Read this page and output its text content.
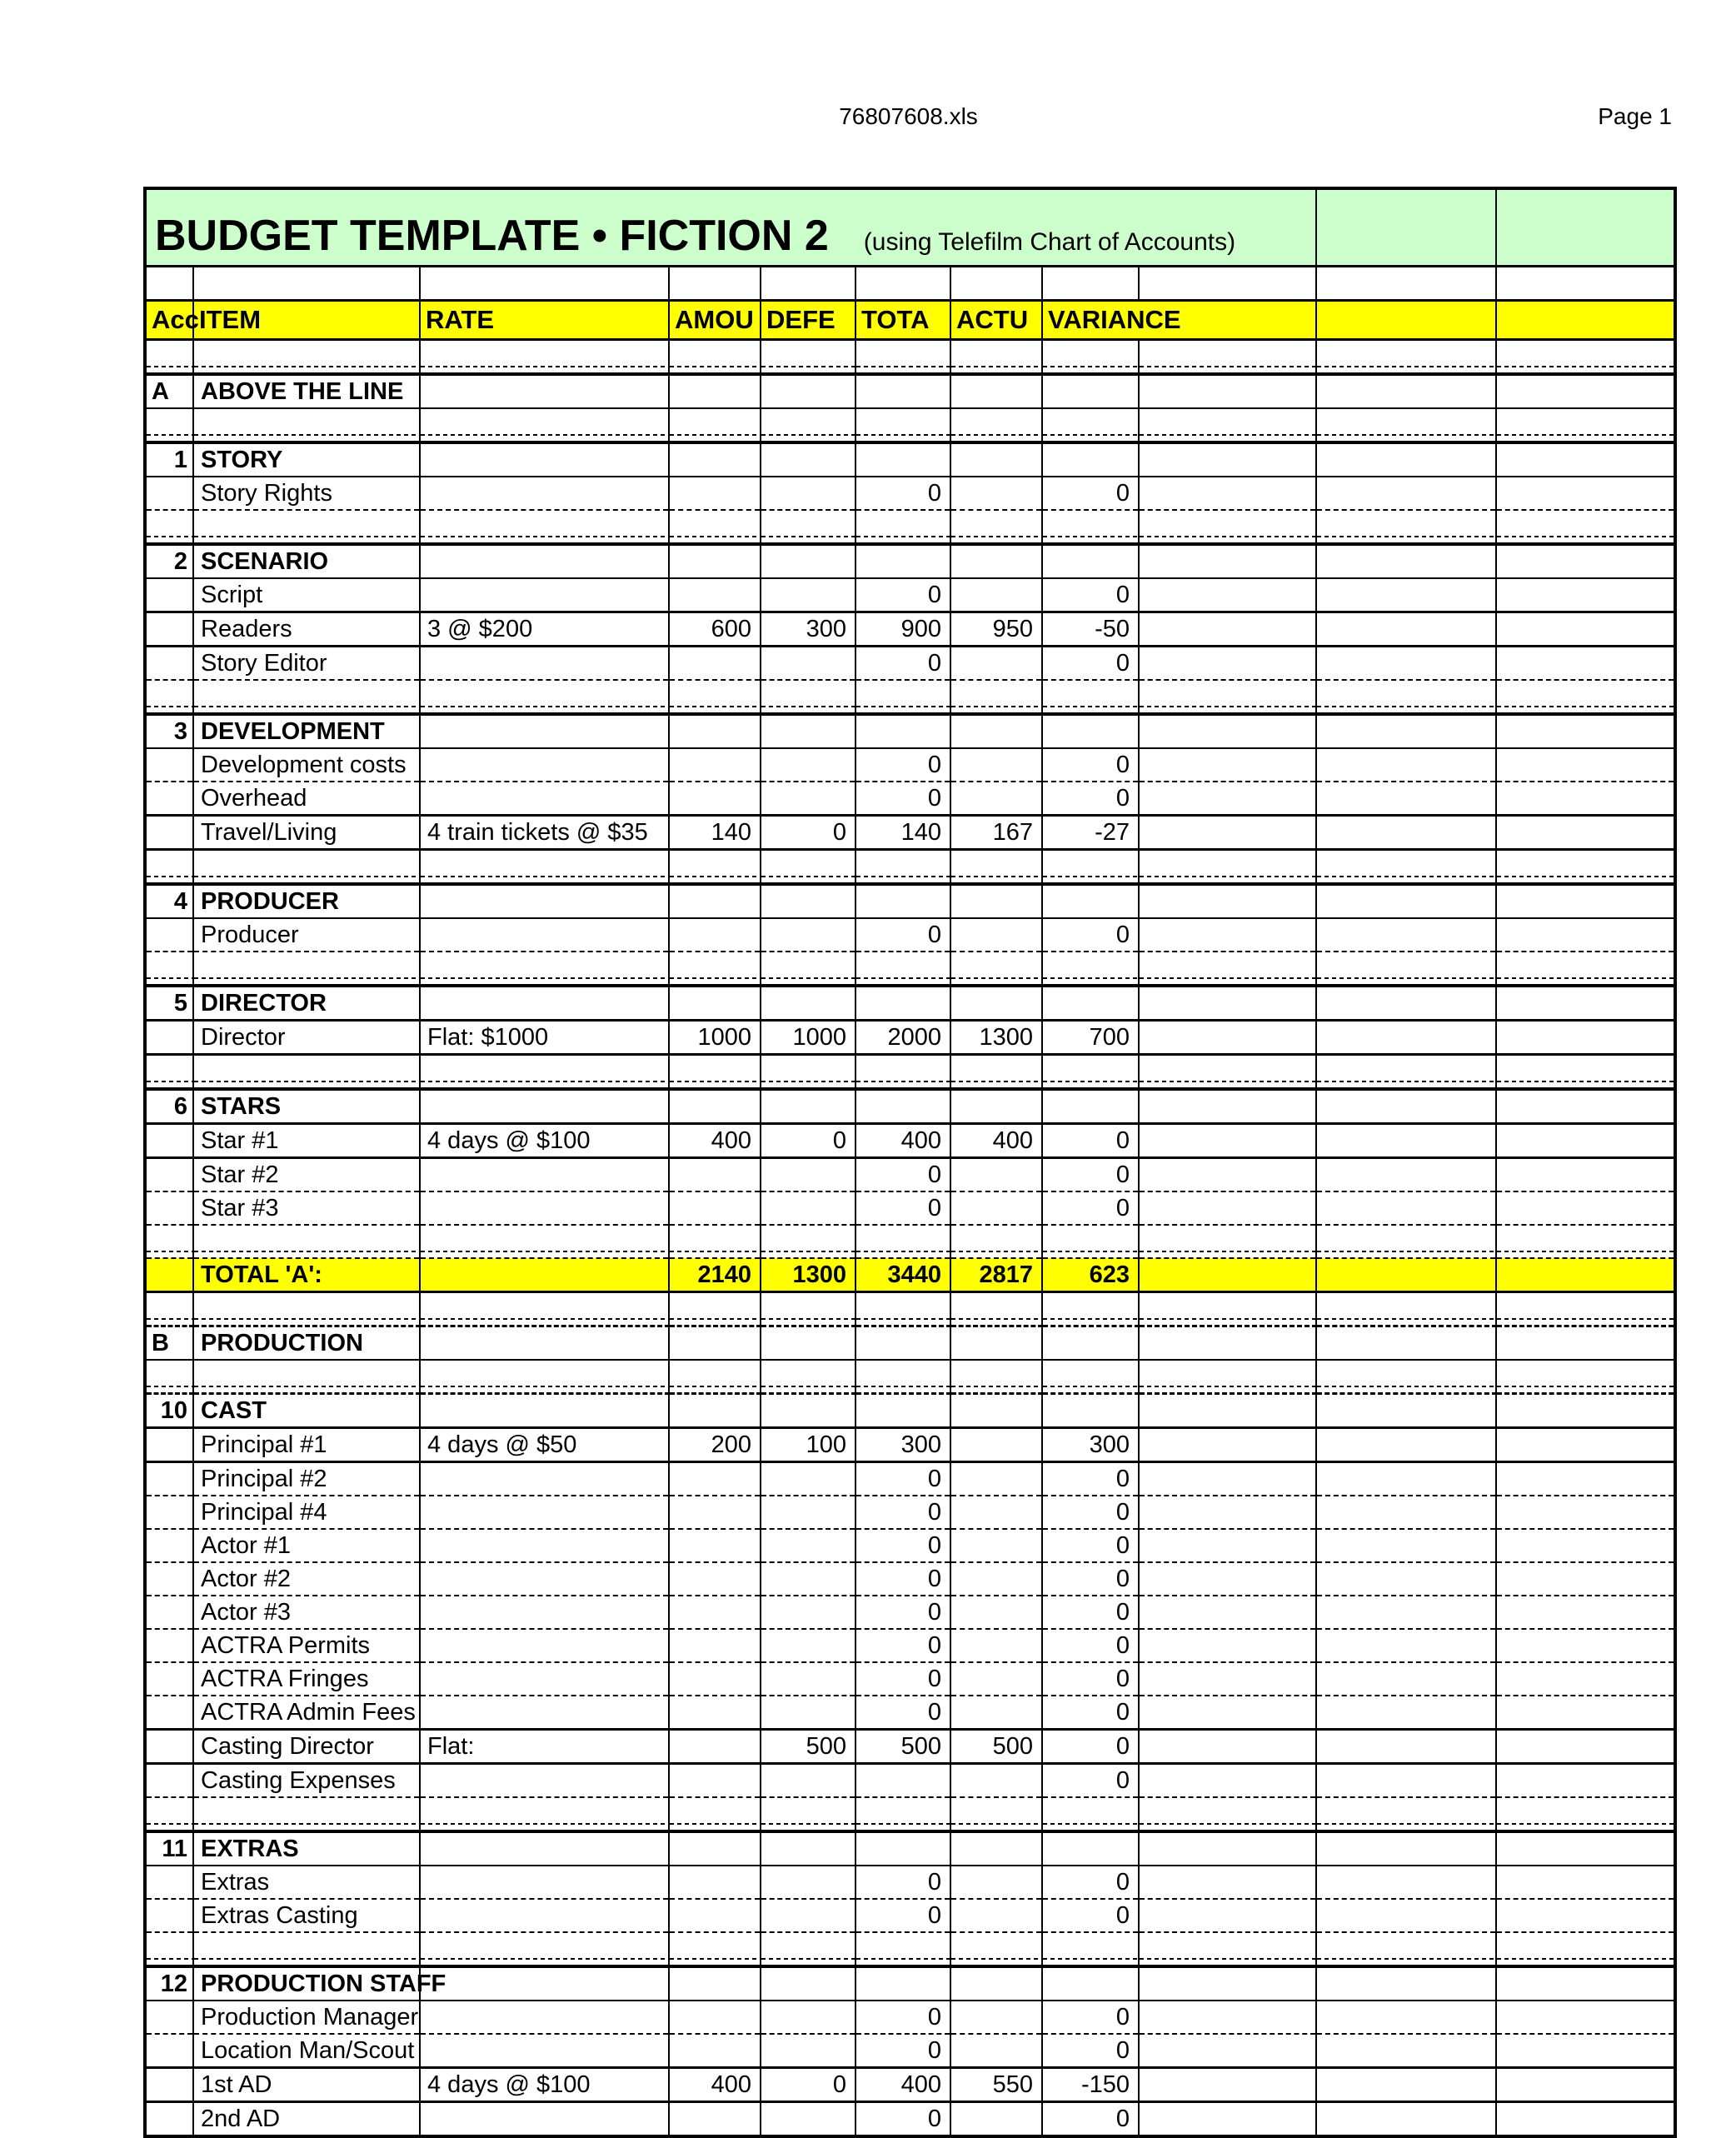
76807608.xls	Page 1
BUDGET TEMPLATE • FICTION 2 (using Telefilm Chart of Accounts)										

Acc	ITEM	RATE	AMOU	DEFE	TOTA	ACTU	VARIANCE			

A	ABOVE THE LINE									

1	STORY									
	Story Rights				0		0			

2	SCENARIO									
	Script				0		0			
	Readers	3 @ $200	600	300	900	950	-50			
	Story Editor				0		0			

3	DEVELOPMENT									
	Development costs				0		0			
	Overhead				0		0			
	Travel/Living	4 train tickets @ $35	140	0	140	167	-27			

4	PRODUCER									
	Producer				0		0			

5	DIRECTOR									
	Director	Flat: $1000	1000	1000	2000	1300	700			

6	STARS									
	Star #1	4 days @ $100	400	0	400	400	0			
	Star #2				0		0			
	Star #3				0		0			

	TOTAL 'A':		2140	1300	3440	2817	623			

B	PRODUCTION									

10	CAST									
	Principal #1	4 days @ $50	200	100	300		300			
	Principal #2				0		0			
	Principal #4				0		0			
	Actor #1				0		0			
	Actor #2				0		0			
	Actor #3				0		0			
	ACTRA Permits				0		0			
	ACTRA Fringes				0		0			
	ACTRA Admin Fees				0		0			
	Casting Director	Flat:		500	500	500	0			
	Casting Expenses						0			

11	EXTRAS									
	Extras				0		0			
	Extras Casting				0		0			

12	PRODUCTION STAFF									
	Production Manager				0		0			
	Location Man/Scout				0		0			
	1st AD	4 days @ $100	400	0	400	550	-150			
	2nd AD				0		0			
